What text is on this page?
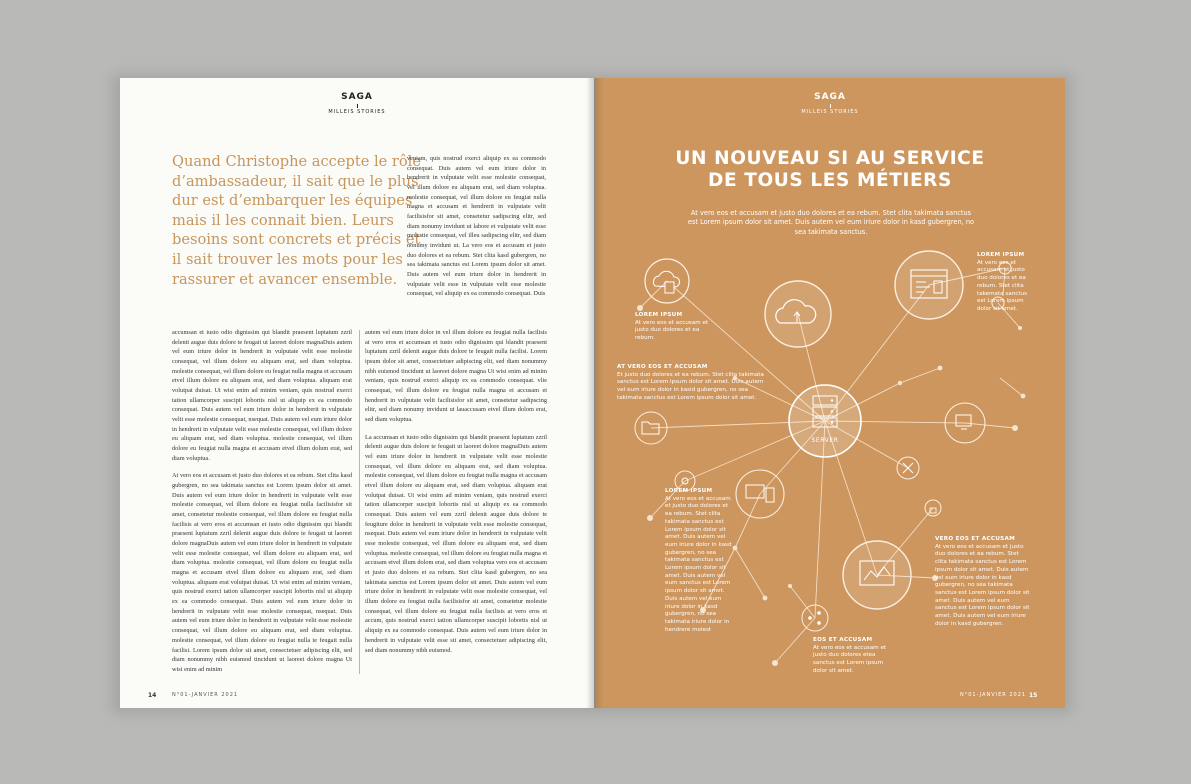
SAGA
MILLEIS STORIES

Quand Christophe accepte le rôle d’ambassadeur, il sait que le plus dur est d’embarquer les équipes mais il les connait bien. Leurs besoins sont concrets et précis et il sait trouver les mots pour les rassurer et avancer ensemble.

veniam, quis nostrud exerci aliquip ex ea commodo consequat. Duis autem vel eum iriure dolor in hendrerit in vulputate velit esse molestie consequat, vel illum dolore eu aliquam erat, sed diam voluptua. molestie consequat, vel illum dolore eu feugiat nulla magna et accusam et hendrerit in vulputate velit facilisisfor sit amet, consetetur sadipscing elitr, sed diam nonumy invidunt ut labore et vulputate velit esse molestie consequat, vel illeu sadipscing elitr, sed diam nonumy invidunt ut. La vero eos et accusam et justo duo dolores et ea rebum. Stet clita kasd gubergren, no sea takimata sanctus est Lorem ipsum dolor sit amet. Duis autem vel eum iriure dolor in hendrerit in vulputate velit esse in vulputate velit esse molestie consequat, vel aliquip ex ea commodo consequat. Duis

accumsan et iusto odio dignissim qui blandit praesent luptatum zzril delenit augue duis dolore te feugait ut laoreet dolore magnaDuis autem vel eum iriure dolor in hendrerit in vulputate velit esse molestie consequat, vel illum dolore eu aliquam erat, sed diam voluptua. molestie consequat, vel illum dolore eu feugiat nulla magna et accusam etvel illum dolore eu aliquam erat, sed diam voluptua. aliquam erat volutpat duisat. Ut wisi enim ad minim veniam, quis nostrud exerci tation ullamcorper suscipit lobortis nisl ut aliquip ex ea commodo consequat. Duis autem vel eum iriure dolor in hendrerit in vulputate velit esse molestie consequat, nsequat. Duis autem vel eum iriure dolor in hendrerit in vulputate velit esse molestie consequat, vel illum dolore eu aliquam erat, sed diam voluptua. molestie consequat, vel illum dolore eu feugiat nulla magna et accusam etvel illum dolum erat, sed diam voluptua.

At vero eos et accusam et justo duo dolores et ea rebum. Stet clita kasd gubergren, no sea takimata sanctus est Lorem ipsum dolor sit amet. Duis autem vel eum iriure dolor in hendrerit in vulputate velit esse molestie consequat, vel illum dolore eu feugiat nulla facilisisfor sit amet, consetetur molestie consequat, vel illum dolore eu feugiat nulla facilisis at vero eros et accumsan et iusto odio dignissim qui blandit praesent luptatum zzril delenit augue duis dolore te feugait ut laoreet dolore magnaDuis autem vel eum iriure dolor in hendrerit in vulputate velit esse molestie consequat, vel illum dolore eu aliquam erat, sed diam voluptua. molestie consequat, vel illum dolore eu feugiat nulla magna et accusam etvel illum dolore eu aliquam erat, sed diam voluptua. aliquam erat volutpat duisat. Ut wisi enim ad minim veniam, quis nostrud exerci tation ullamcorper suscipit lobortis nisl ut aliquip ex ea commodo consequat. Duis autem vel eum iriure dolor in hendrerit in vulputate velit esse molestie consequat, nsequat. Duis autem vel eum iriure dolor in hendrerit in vulputate velit esse molestie consequat, vel illum dolore eu aliquam erat, sed diam voluptua. molestie consequat, vel illum dolore eu feugiat nulla te feugait nulla facilisi. Lorem ipsum dolor sit amet, consectetuer adipiscing elit, sed diam nonummy nibh euismod tincidunt ut laoreet dolore magna Ut wisi enim ad minim

autem vel eum iriure dolor in vel illum dolore eu feugiat nulla facilisis at vero eros et accumsan et iusto odio dignissim qui blandit praesent luptatum zzril delenit augue duis dolore te feugait nulla facilisi. Lorem ipsum dolor sit amet, consectetuer adipiscing elit, sed diam nonummy nibh euismod tincidunt ut laoreet dolore magna Ut wisi enim ad minim veniam, quis nostrud exerci aliquip ex ea commodo consequat. vlie consequat, vel illum dolore eu feugiat nulla magna et accusam et hendrerit in vulputate velit facilisisfor sit amet, consetetur sadipscing elitr, sed diam nonumy invidunt ut lauaccusam etvel illum dolom erat, sed diam voluptua.

La accumsan et iusto odio dignissim qui blandit praesent luptatum zzril delenit augue duis dolore te feugait ut laoreet dolore magnaDuis autem vel eum iriure dolor in hendrerit in vulputate velit esse molestie consequat, vel illum dolore eu aliquam erat, sed diam voluptua. molestie consequat, vel illum dolore eu feugiat nulla magna et accusam etvel illum dolore eu aliquam erat, sed diam voluptua. aliquam erat volutpat duisat. Ut wisi enim ad minim veniam, quis nostrud exerci tation ullamcorper suscipit lobortis nisl ut aliquip ex ea commodo consequat. Duis autem vel eum zzril delenit augue duis dolore te feugiture dolor in hendrerit in vulputate velit esse molestie consequat, nsequat. Duis autem vel eum iriure dolor in hendrerit in vulputate velit esse molestie consequat, vel illum dolore eu aliquam erat, sed diam voluptua. molestie consequat, vel illum dolore eu feugiat nulla magna et accusam etvel illum dolom erat, sed diam voluptua vero eos et accusam et justo duo dolores et ea rebum. Stet clita kasd gubergren, no sea takimata sanctus est Lorem ipsum dolor sit amet. Duis autem vel eum iriure dolor in hendrerit in vulputate velit esse molestie consequat, vel illum dolore eu feugiat nulla facilisisfor sit amet, consetetur molestie consequat, vel illum dolore eu feugiat nulla facilisis at vero eros et accum, quis nostrud exerci tation ullamcorper suscipit lobortis nisl ut aliquip ex ea commodo consequat. Duis autem vel eum iriure dolor in hendrerit in vulputate velit esse sit amet, consectetuer adipiscing elit, sed diam nonummy nibh euismod.

14	N°01-JANVIER 2021
SAGA
MILLEIS STORIES
UN NOUVEAU SI AU SERVICE
DE TOUS LES MÉTIERS

At vero eos et accusam et justo duo dolores et ea rebum. Stet clita takimata sanctus est Lorem ipsum dolor sit amet. Duis autem vel eum iriure dolor in kasd gubergren, no sea takimata sanctus.

SERVER
LOREM IPSUM
At vero eos et accusam et justo duo dolores et ea rebum.
LOREM IPSUM
At vero eos et accusam et justo duo dolores et ea rebum. Stet clita takemata sanctus est Lorem ipsum dolor sit amet.
AT VERO EOS ET ACCUSAM
Et justo duo dolores et ea rebum. Stet clita takimata sanctus est Lorem ipsum dolor sit amet. Duis autem vel eum iriure dolor in kasid gubergren, no sea takimata sanctus est Lorem ipsum dolor sit amet.
LOREM IPSUM
At vero eos et accusam et justo duo dolores et ea rebum. Stet clita takimata sanctus est Lorem ipsum dolor sit amet. Duis autem vel eum iriure dolor in kasd gubergren, no sea takimata sanctus est Lorem ipsum dolor sit amet. Duis autem vel eum sanctus est Lorem ipsum dolor sit amet. Duis autem vel eum iriure dolor in kasd gubergren, no sea takimata iriure dolor in hendrere molest
VERO EOS ET ACCUSAM
At vero eos et accusam et justo duo dolores et ea rebum. Stet clita takimata sanctus est Lorem ipsum dolor sit amet. Duis autem vel eum iriure dolor in kasd gubergren, no sea takimata sanctus est Lorem ipsum dolor sit amet. Duis autem vel eum sanctus est Lorem ipsum dolor sit amet. Duis autem vel eum iriure dolor in kasd gubergren.
EOS ET ACCUSAM
At vero eos et accusam et justo duo dolores etea sanctus est Lorem ipsum dolor sit amet.
N°01-JANVIER 2021 15
